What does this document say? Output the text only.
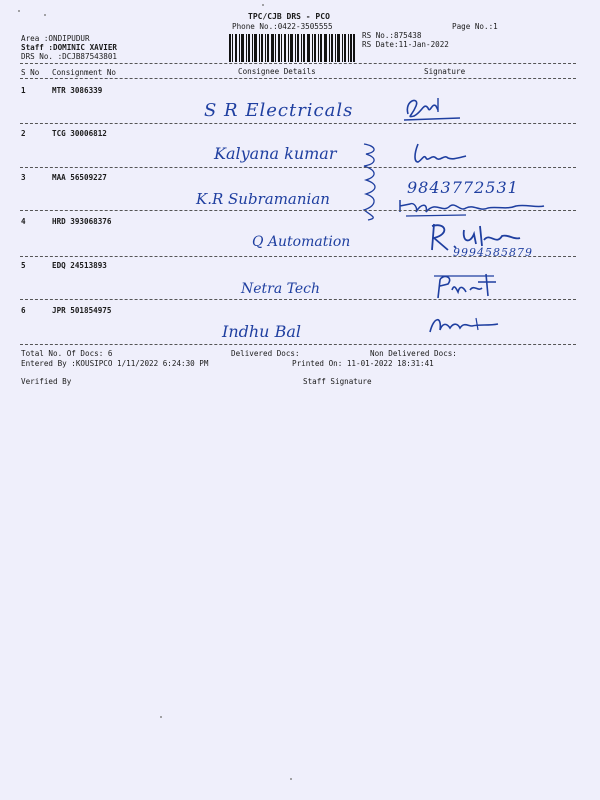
TPC/CJB DRS - PCO
Phone No.:0422-3505555	Page No.:1
RS No.:875438
RS Date:11-Jan-2022
Area :ONDIPUDUR
Staff :DOMINIC XAVIER
DRS No. :DCJB87543801
S No Consignment No	Consignee Details	Signature
1	MTR 3086339
S R Electricals
2	TCG 30006812
Kalyana kumar
3	MAA 56509227
K.R Subramanian
9843772531
4	HRD 393068376
Q Automation
9994585879
5	EDQ 24513893
Netra Tech
6	JPR 501854975
Indhu Bal
Total No. Of Docs: 6	Delivered Docs:	Non Delivered Docs:
Entered By :KOUSIPCO 1/11/2022 6:24:30 PM	Printed On: 11-01-2022 18:31:41
Verified By	Staff Signature
